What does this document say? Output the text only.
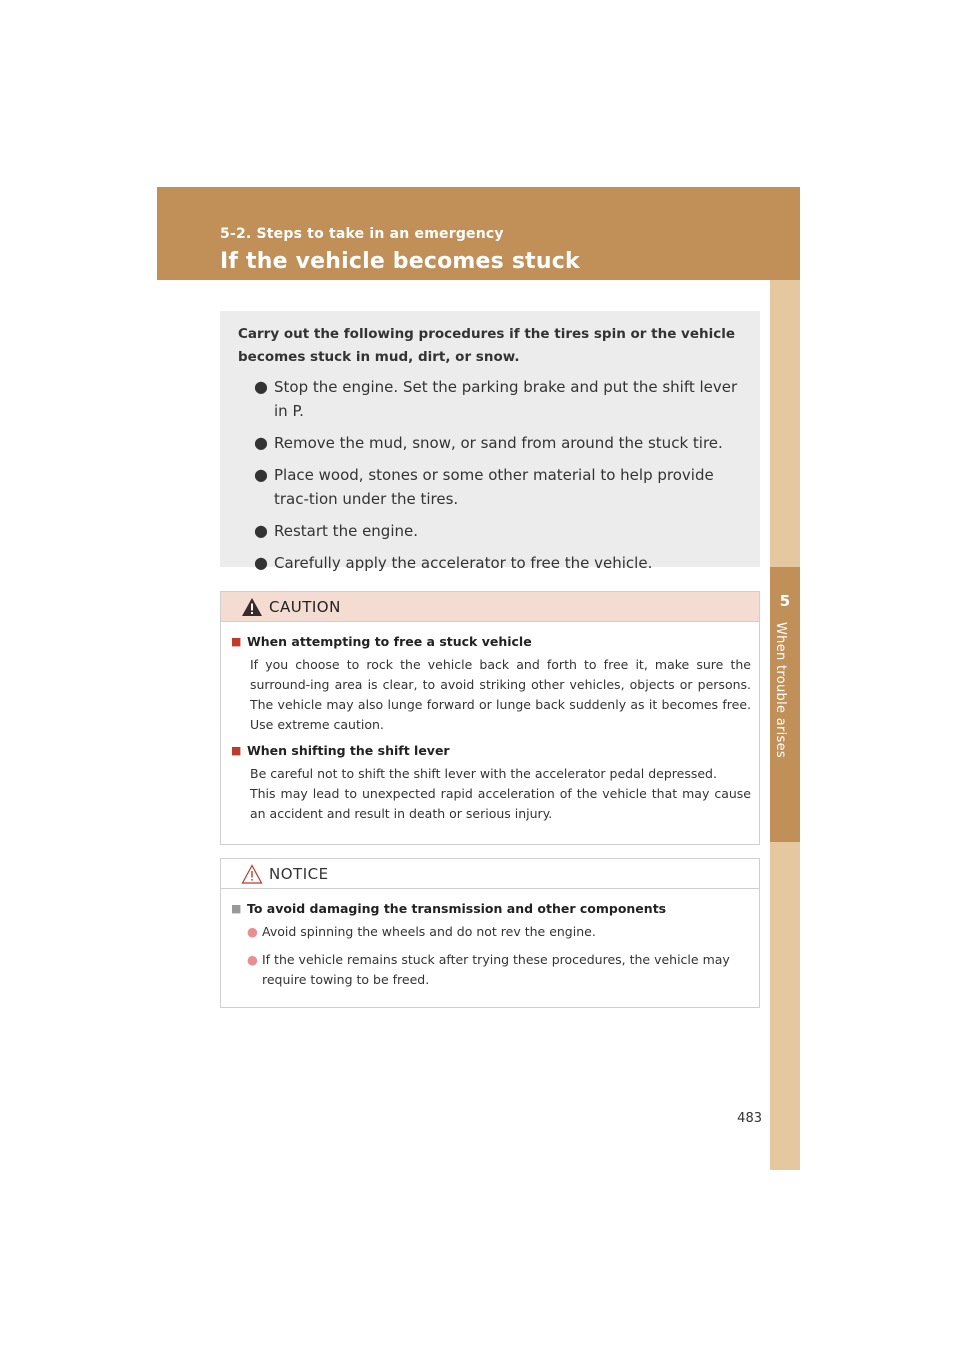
5-2. Steps to take in an emergency
If the vehicle becomes stuck
5
When trouble arises

Carry out the following procedures if the tires spin or the vehicle becomes stuck in mud, dirt, or snow.

● Stop the engine. Set the parking brake and put the shift lever in P.
● Remove the mud, snow, or sand from around the stuck tire.
● Place wood, stones or some other material to help provide trac-tion under the tires.
● Restart the engine.
● Carefully apply the accelerator to free the vehicle.
CAUTION
■ When attempting to free a stuck vehicle

If you choose to rock the vehicle back and forth to free it, make sure the surround-ing area is clear, to avoid striking other vehicles, objects or persons. The vehicle may also lunge forward or lunge back suddenly as it becomes free. Use extreme caution.

■ When shifting the shift lever

Be careful not to shift the shift lever with the accelerator pedal depressed.

This may lead to unexpected rapid acceleration of the vehicle that may cause an accident and result in death or serious injury.

NOTICE
■ To avoid damaging the transmission and other components
● Avoid spinning the wheels and do not rev the engine.
● If the vehicle remains stuck after trying these procedures, the vehicle may require towing to be freed.
483
